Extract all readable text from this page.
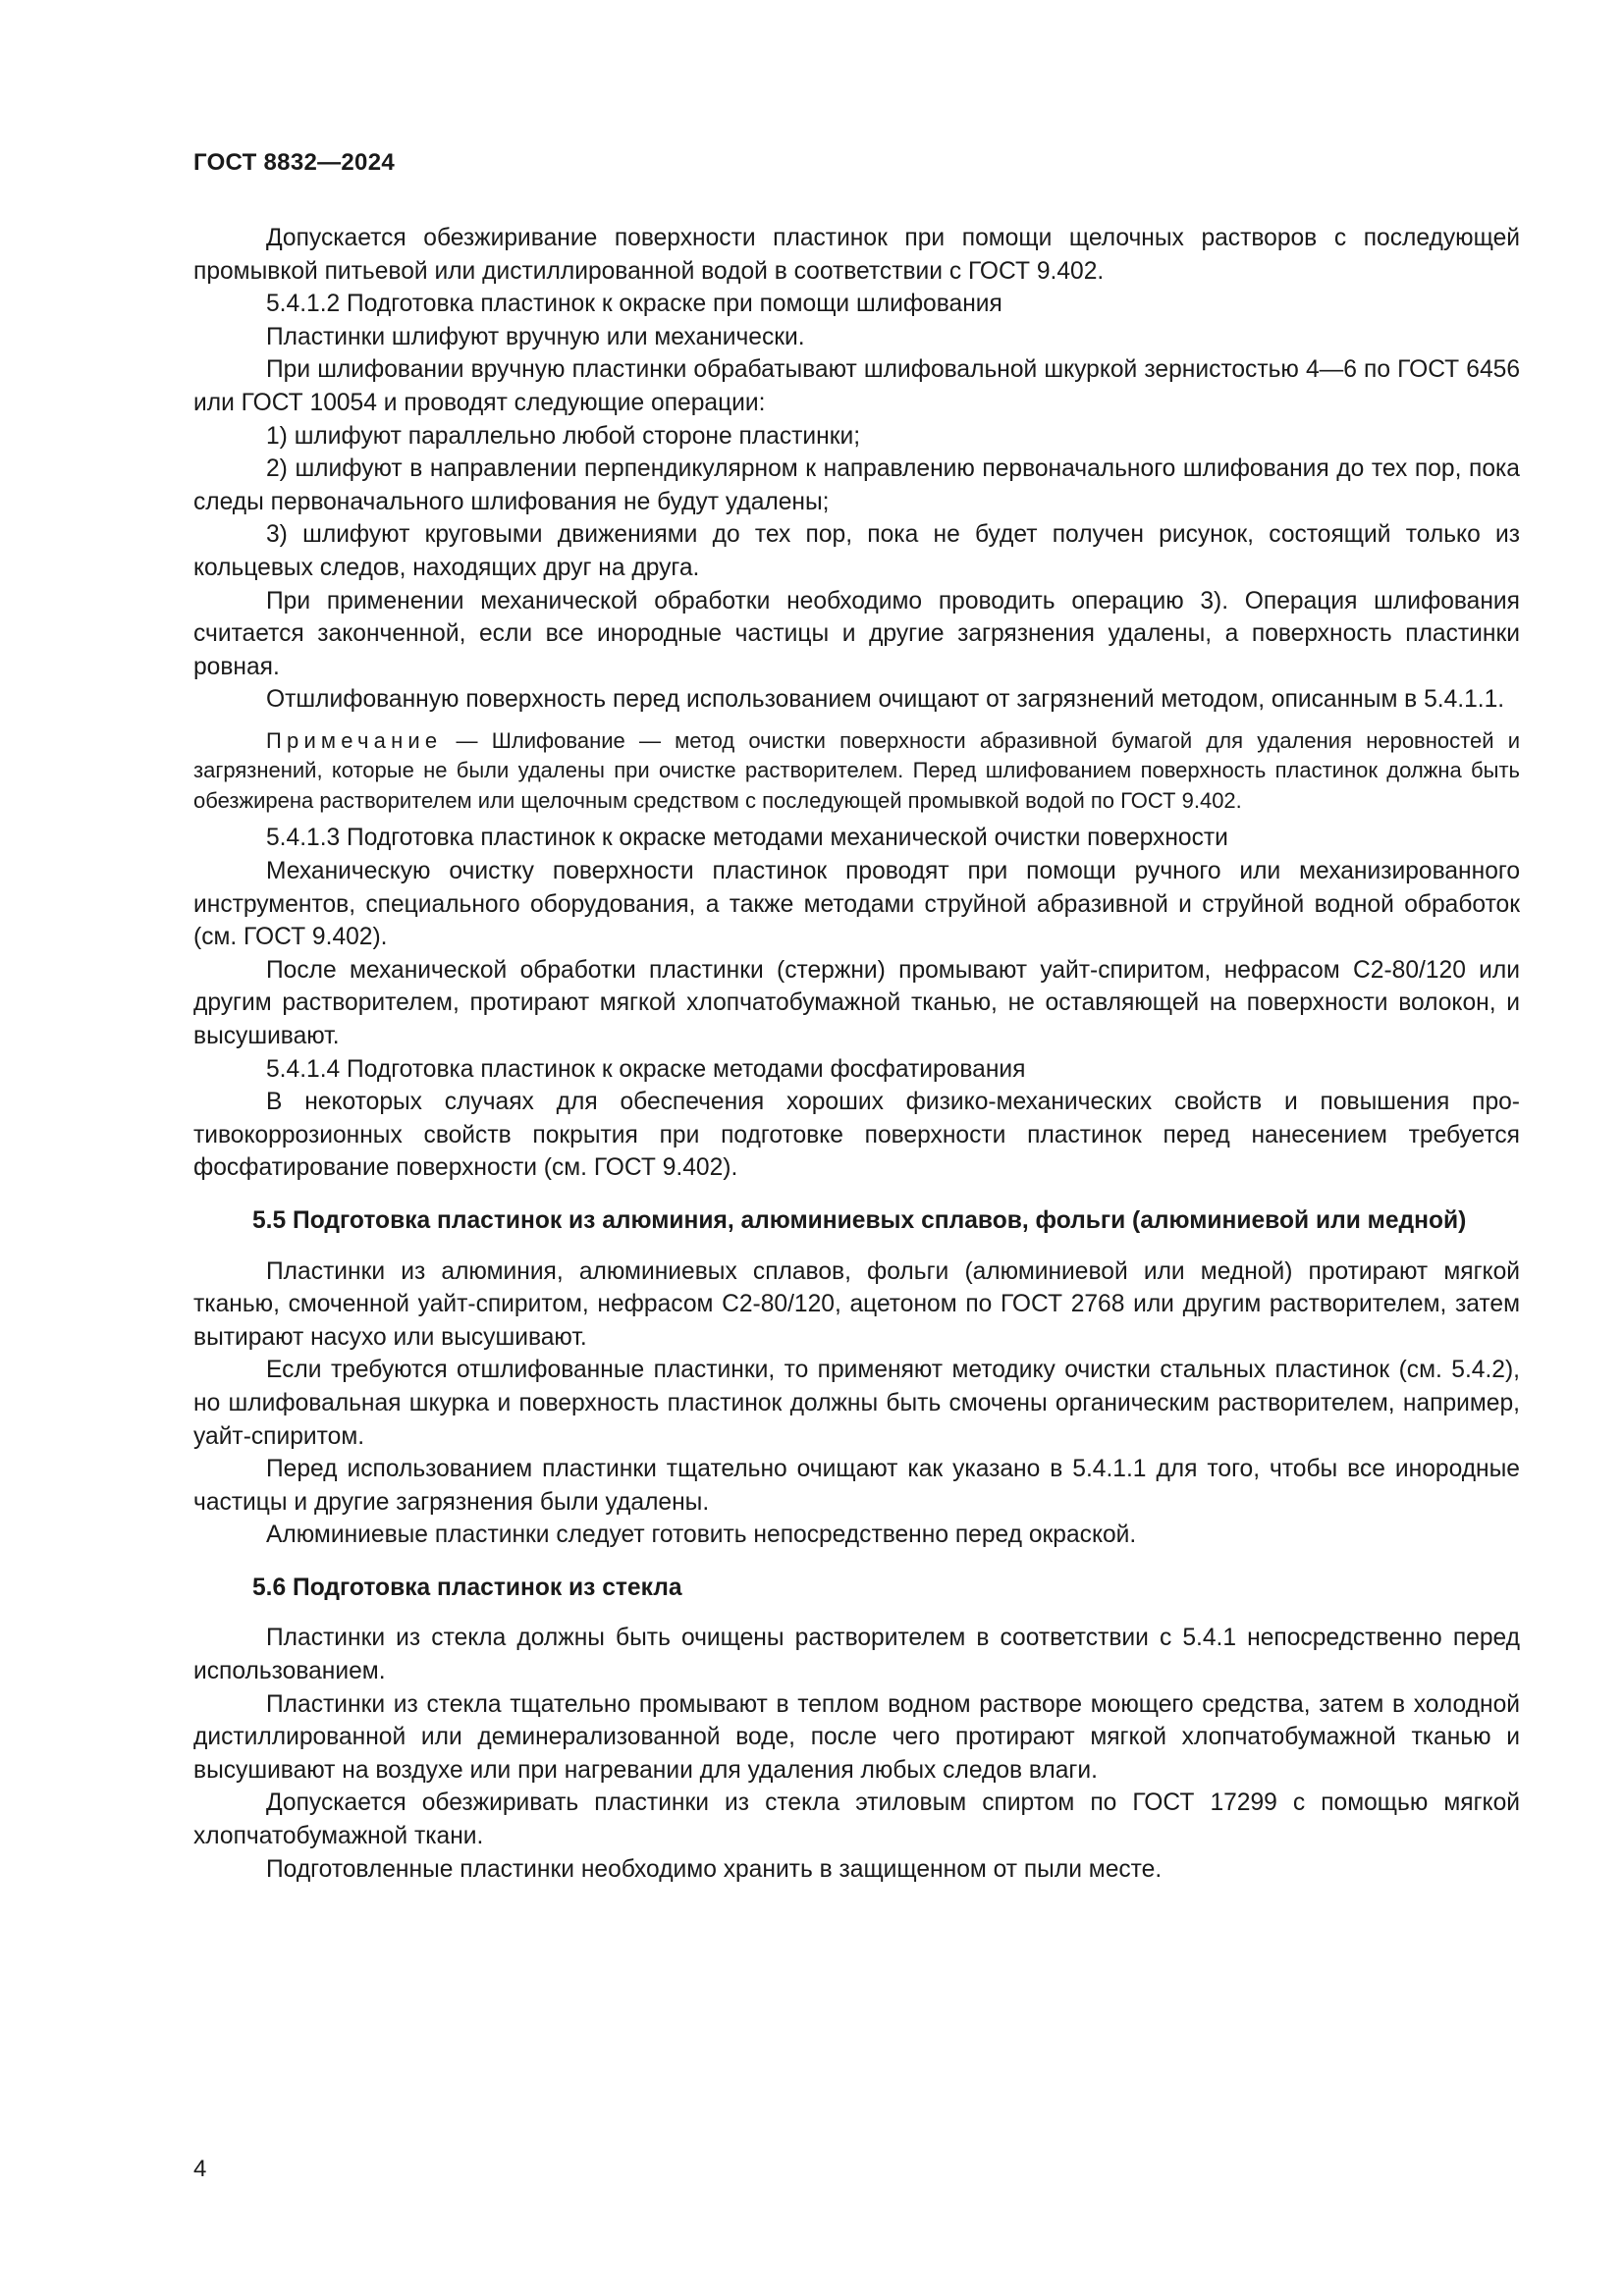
ГОСТ 8832—2024

Допускается обезжиривание поверхности пластинок при помощи щелочных растворов с последующей промывкой питьевой или дистиллированной водой в соответствии с ГОСТ 9.402.

5.4.1.2 Подготовка пластинок к окраске при помощи шлифования

Пластинки шлифуют вручную или механически.

При шлифовании вручную пластинки обрабатывают шлифовальной шкуркой зернистостью 4—6 по ГОСТ 6456 или ГОСТ 10054 и проводят следующие операции:

1) шлифуют параллельно любой стороне пластинки;

2) шлифуют в направлении перпендикулярном к направлению первоначального шлифования до тех пор, пока следы первоначального шлифования не будут удалены;

3) шлифуют круговыми движениями до тех пор, пока не будет получен рисунок, состоящий только из кольцевых следов, находящих друг на друга.

При применении механической обработки необходимо проводить операцию 3). Операция шлифования считается законченной, если все инородные частицы и другие загрязнения удалены, а поверхность пластинки ровная.

Отшлифованную поверхность перед использованием очищают от загрязнений методом, описанным в 5.4.1.1.

Примечание — Шлифование — метод очистки поверхности абразивной бумагой для удаления неровностей и загрязнений, которые не были удалены при очистке растворителем. Перед шлифованием поверхность пластинок должна быть обезжирена растворителем или щелочным средством с последующей промывкой водой по ГОСТ 9.402.

5.4.1.3 Подготовка пластинок к окраске методами механической очистки поверхности

Механическую очистку поверхности пластинок проводят при помощи ручного или механизированного инструментов, специального оборудования, а также методами струйной абразивной и струйной водной обработок (см. ГОСТ 9.402).

После механической обработки пластинки (стержни) промывают уайт-спиритом, нефрасом С2-80/120 или другим растворителем, протирают мягкой хлопчатобумажной тканью, не оставляющей на поверхности волокон, и высушивают.

5.4.1.4 Подготовка пластинок к окраске методами фосфатирования

В некоторых случаях для обеспечения хороших физико-механических свойств и повышения противокоррозионных свойств покрытия при подготовке поверхности пластинок перед нанесением требуется фосфатирование поверхности (см. ГОСТ 9.402).

5.5 Подготовка пластинок из алюминия, алюминиевых сплавов, фольги (алюминиевой или медной)

Пластинки из алюминия, алюминиевых сплавов, фольги (алюминиевой или медной) протирают мягкой тканью, смоченной уайт-спиритом, нефрасом С2-80/120, ацетоном по ГОСТ 2768 или другим растворителем, затем вытирают насухо или высушивают.

Если требуются отшлифованные пластинки, то применяют методику очистки стальных пластинок (см. 5.4.2), но шлифовальная шкурка и поверхность пластинок должны быть смочены органическим растворителем, например, уайт-спиритом.

Перед использованием пластинки тщательно очищают как указано в 5.4.1.1 для того, чтобы все инородные частицы и другие загрязнения были удалены.

Алюминиевые пластинки следует готовить непосредственно перед окраской.

5.6 Подготовка пластинок из стекла

Пластинки из стекла должны быть очищены растворителем в соответствии с 5.4.1 непосредственно перед использованием.

Пластинки из стекла тщательно промывают в теплом водном растворе моющего средства, затем в холодной дистиллированной или деминерализованной воде, после чего протирают мягкой хлопчатобумажной тканью и высушивают на воздухе или при нагревании для удаления любых следов влаги.

Допускается обезжиривать пластинки из стекла этиловым спиртом по ГОСТ 17299 с помощью мягкой хлопчатобумажной ткани.

Подготовленные пластинки необходимо хранить в защищенном от пыли месте.

4
